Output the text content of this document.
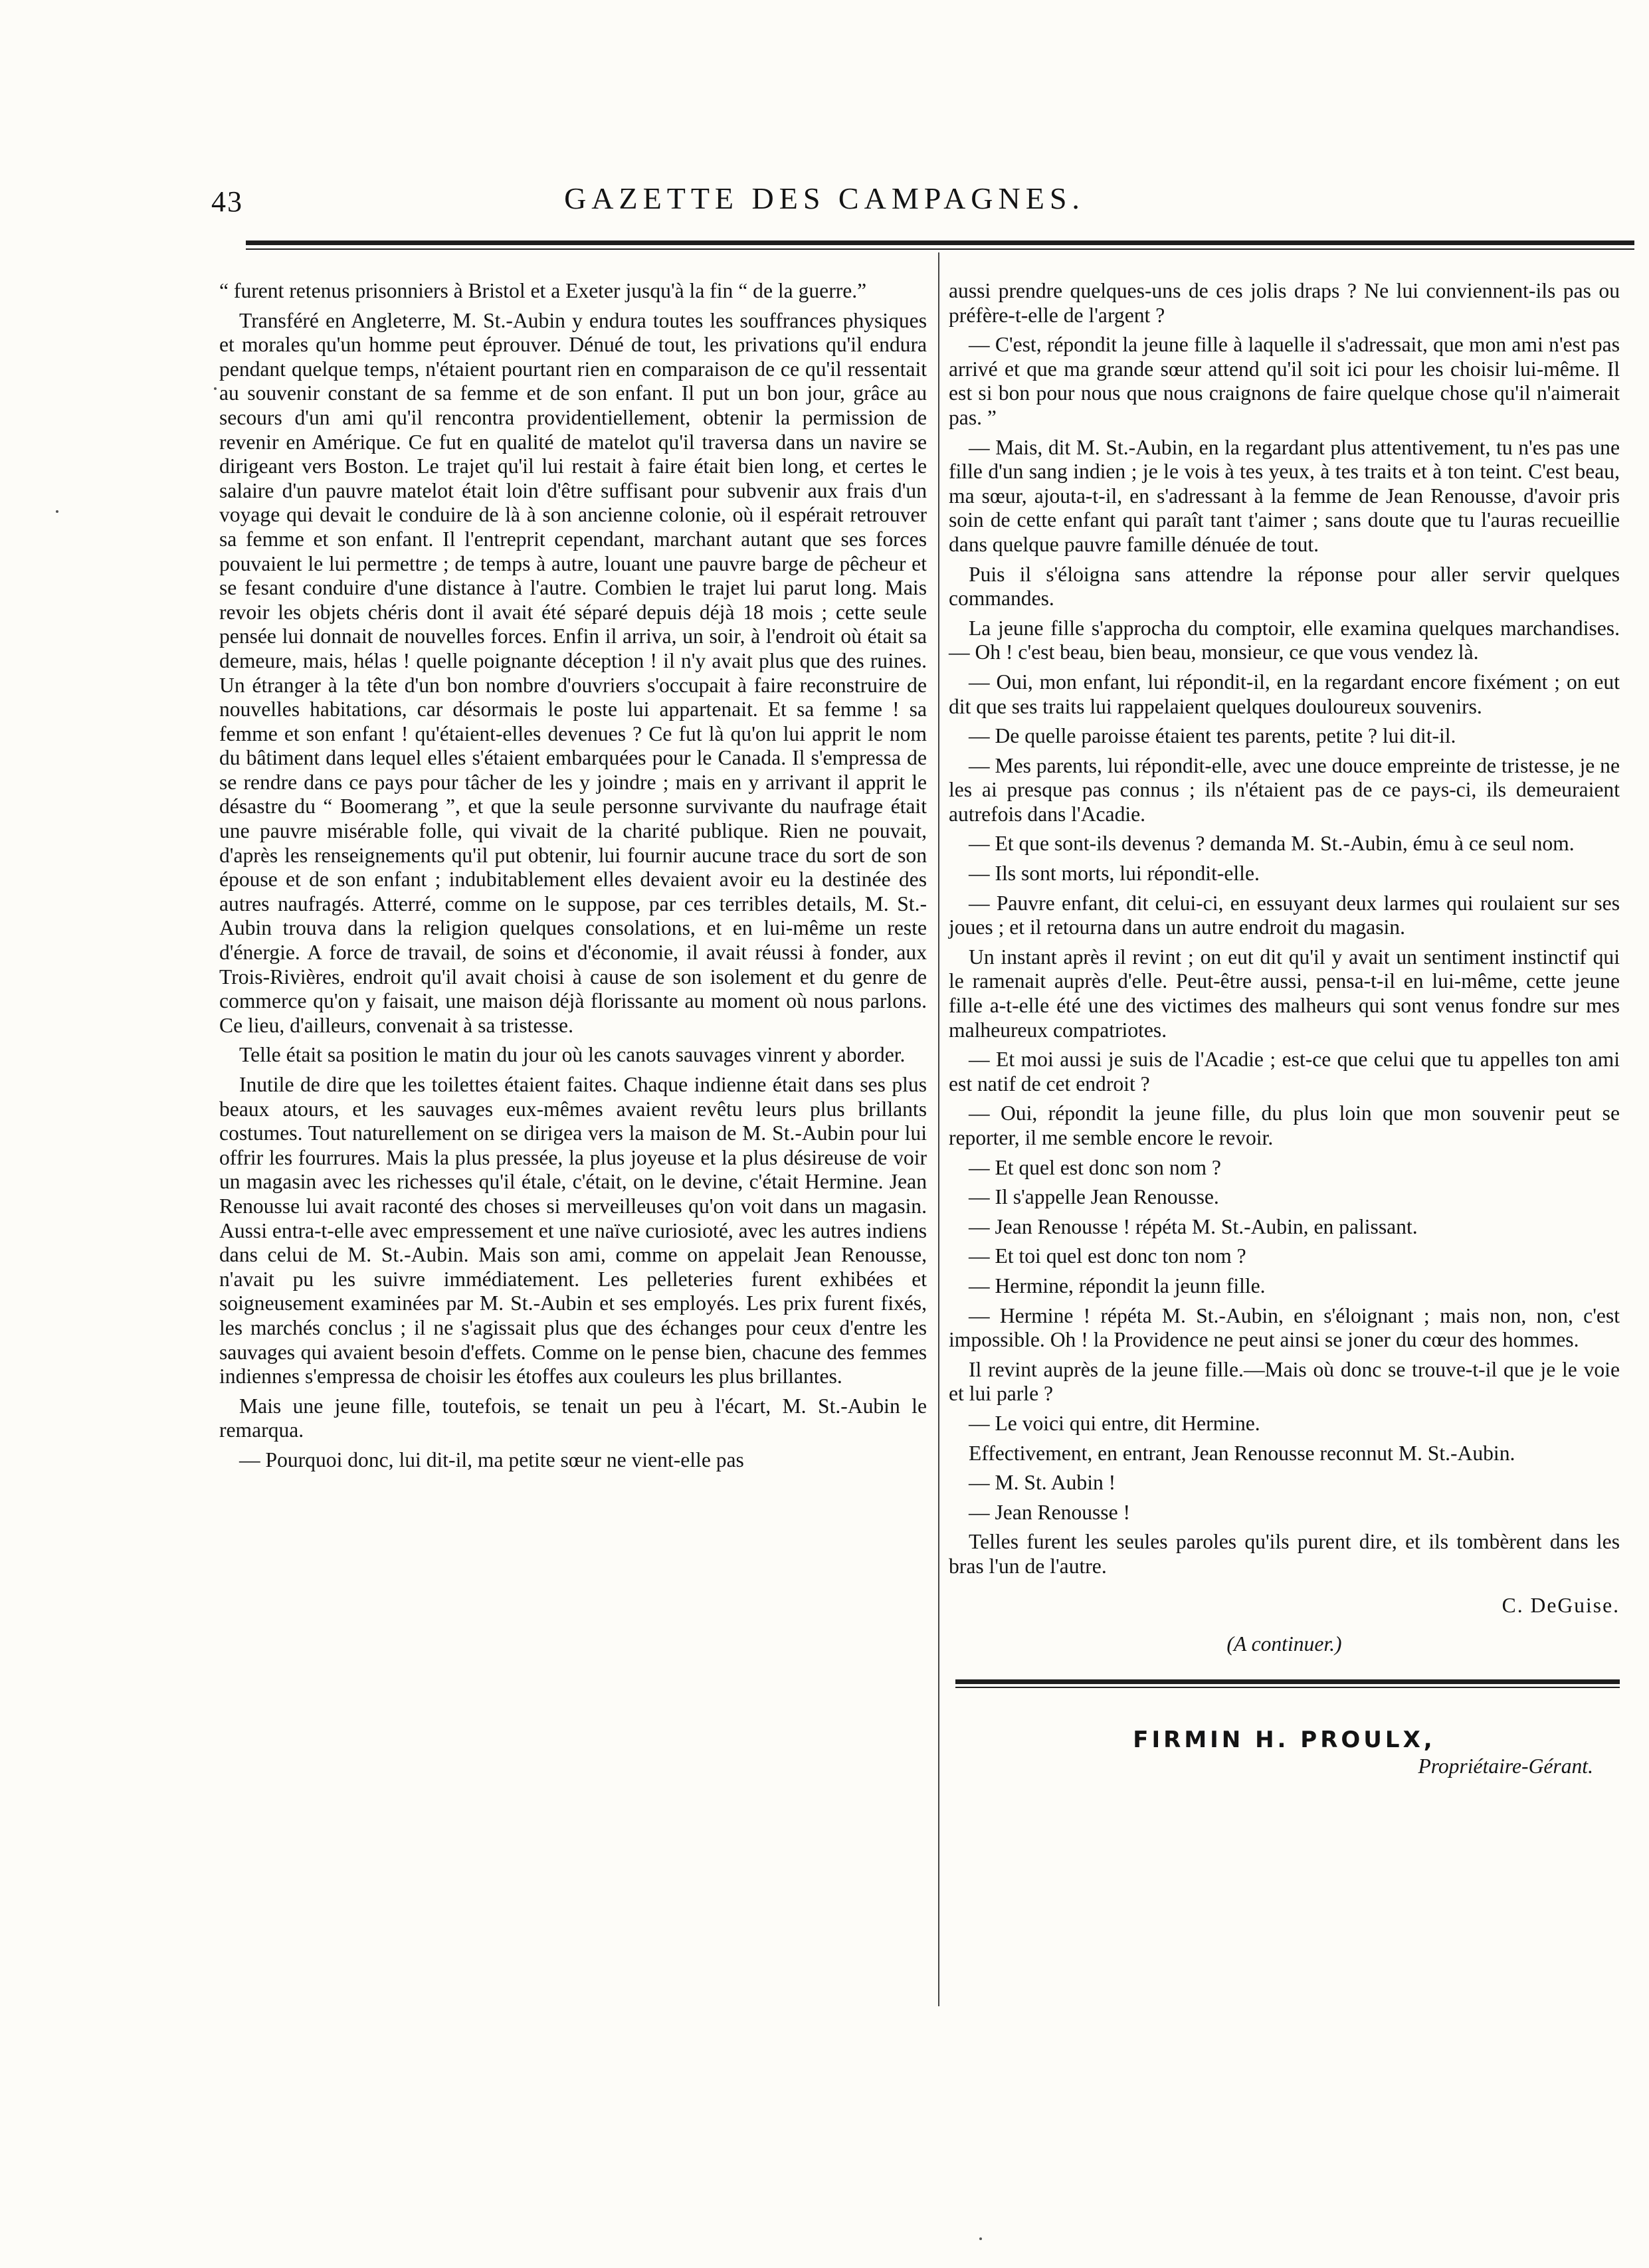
43	GAZETTE DES CAMPAGNES.

“ furent retenus prisonniers à Bristol et a Exeter jusqu'à la fin “ de la guerre.”

Transféré en Angleterre, M. St.-Aubin y endura toutes les souffrances physiques et morales qu'un homme peut éprouver. Dénué de tout, les privations qu'il endura pendant quelque temps, n'étaient pourtant rien en comparaison de ce qu'il ressentait au souvenir constant de sa femme et de son enfant. Il put un bon jour, grâce au secours d'un ami qu'il rencontra providentiellement, obtenir la permission de revenir en Amérique. Ce fut en qualité de matelot qu'il traversa dans un navire se dirigeant vers Boston. Le trajet qu'il lui restait à faire était bien long, et certes le salaire d'un pauvre matelot était loin d'être suffisant pour subvenir aux frais d'un voyage qui devait le conduire de là à son ancienne colonie, où il espérait retrouver sa femme et son enfant. Il l'entreprit cependant, marchant autant que ses forces pouvaient le lui permettre ; de temps à autre, louant une pauvre barge de pêcheur et se fesant conduire d'une distance à l'autre. Combien le trajet lui parut long. Mais revoir les objets chéris dont il avait été séparé depuis déjà 18 mois ; cette seule pensée lui donnait de nouvelles forces. Enfin il arriva, un soir, à l'endroit où était sa demeure, mais, hélas ! quelle poignante déception ! il n'y avait plus que des ruines. Un étranger à la tête d'un bon nombre d'ouvriers s'occupait à faire reconstruire de nouvelles habitations, car désormais le poste lui appartenait. Et sa femme ! sa femme et son enfant ! qu'étaient-elles devenues ? Ce fut là qu'on lui apprit le nom du bâtiment dans lequel elles s'étaient embarquées pour le Canada. Il s'empressa de se rendre dans ce pays pour tâcher de les y joindre ; mais en y arrivant il apprit le désastre du “ Boomerang ”, et que la seule personne survivante du naufrage était une pauvre misérable folle, qui vivait de la charité publique. Rien ne pouvait, d'après les renseignements qu'il put obtenir, lui fournir aucune trace du sort de son épouse et de son enfant ; indubitablement elles devaient avoir eu la destinée des autres naufragés. Atterré, comme on le suppose, par ces terribles details, M. St.-Aubin trouva dans la religion quelques consolations, et en lui-même un reste d'énergie. A force de travail, de soins et d'économie, il avait réussi à fonder, aux Trois-Rivières, endroit qu'il avait choisi à cause de son isolement et du genre de commerce qu'on y faisait, une maison déjà florissante au moment où nous parlons. Ce lieu, d'ailleurs, convenait à sa tristesse.

Telle était sa position le matin du jour où les canots sauvages vinrent y aborder.

Inutile de dire que les toilettes étaient faites. Chaque indienne était dans ses plus beaux atours, et les sauvages eux-mêmes avaient revêtu leurs plus brillants costumes. Tout naturellement on se dirigea vers la maison de M. St.-Aubin pour lui offrir les fourrures. Mais la plus pressée, la plus joyeuse et la plus désireuse de voir un magasin avec les richesses qu'il étale, c'était, on le devine, c'était Hermine. Jean Renousse lui avait raconté des choses si merveilleuses qu'on voit dans un magasin. Aussi entra-t-elle avec empressement et une naïve curiosioté, avec les autres indiens dans celui de M. St.-Aubin. Mais son ami, comme on appelait Jean Renousse, n'avait pu les suivre immédiatement. Les pelleteries furent exhibées et soigneusement examinées par M. St.-Aubin et ses employés. Les prix furent fixés, les marchés conclus ; il ne s'agissait plus que des échanges pour ceux d'entre les sauvages qui avaient besoin d'effets. Comme on le pense bien, chacune des femmes indiennes s'empressa de choisir les étoffes aux couleurs les plus brillantes.

Mais une jeune fille, toutefois, se tenait un peu à l'écart, M. St.-Aubin le remarqua.

— Pourquoi donc, lui dit-il, ma petite sœur ne vient-elle pas

aussi prendre quelques-uns de ces jolis draps ? Ne lui conviennent-ils pas ou préfère-t-elle de l'argent ?

— C'est, répondit la jeune fille à laquelle il s'adressait, que mon ami n'est pas arrivé et que ma grande sœur attend qu'il soit ici pour les choisir lui-même. Il est si bon pour nous que nous craignons de faire quelque chose qu'il n'aimerait pas. ”

— Mais, dit M. St.-Aubin, en la regardant plus attentivement, tu n'es pas une fille d'un sang indien ; je le vois à tes yeux, à tes traits et à ton teint. C'est beau, ma sœur, ajouta-t-il, en s'adressant à la femme de Jean Renousse, d'avoir pris soin de cette enfant qui paraît tant t'aimer ; sans doute que tu l'auras recueillie dans quelque pauvre famille dénuée de tout.

Puis il s'éloigna sans attendre la réponse pour aller servir quelques commandes.

La jeune fille s'approcha du comptoir, elle examina quelques marchandises.— Oh ! c'est beau, bien beau, monsieur, ce que vous vendez là.

— Oui, mon enfant, lui répondit-il, en la regardant encore fixément ; on eut dit que ses traits lui rappelaient quelques douloureux souvenirs.

— De quelle paroisse étaient tes parents, petite ? lui dit-il.

— Mes parents, lui répondit-elle, avec une douce empreinte de tristesse, je ne les ai presque pas connus ; ils n'étaient pas de ce pays-ci, ils demeuraient autrefois dans l'Acadie.

— Et que sont-ils devenus ? demanda M. St.-Aubin, ému à ce seul nom.

— Ils sont morts, lui répondit-elle.

— Pauvre enfant, dit celui-ci, en essuyant deux larmes qui roulaient sur ses joues ; et il retourna dans un autre endroit du magasin.

Un instant après il revint ; on eut dit qu'il y avait un sentiment instinctif qui le ramenait auprès d'elle. Peut-être aussi, pensa-t-il en lui-même, cette jeune fille a-t-elle été une des victimes des malheurs qui sont venus fondre sur mes malheureux compatriotes.

— Et moi aussi je suis de l'Acadie ; est-ce que celui que tu appelles ton ami est natif de cet endroit ?

— Oui, répondit la jeune fille, du plus loin que mon souvenir peut se reporter, il me semble encore le revoir.

— Et quel est donc son nom ?

— Il s'appelle Jean Renousse.

— Jean Renousse ! répéta M. St.-Aubin, en palissant.

— Et toi quel est donc ton nom ?

— Hermine, répondit la jeunn fille.

— Hermine ! répéta M. St.-Aubin, en s'éloignant ; mais non, non, c'est impossible. Oh ! la Providence ne peut ainsi se joner du cœur des hommes.

Il revint auprès de la jeune fille.—Mais où donc se trouve-t-il que je le voie et lui parle ?

— Le voici qui entre, dit Hermine.

Effectivement, en entrant, Jean Renousse reconnut M. St.-Aubin.

— M. St. Aubin !

— Jean Renousse !

Telles furent les seules paroles qu'ils purent dire, et ils tombèrent dans les bras l'un de l'autre.

C. DeGuise.
(A continuer.)
FIRMIN H. PROULX,
Propriétaire-Gérant.
